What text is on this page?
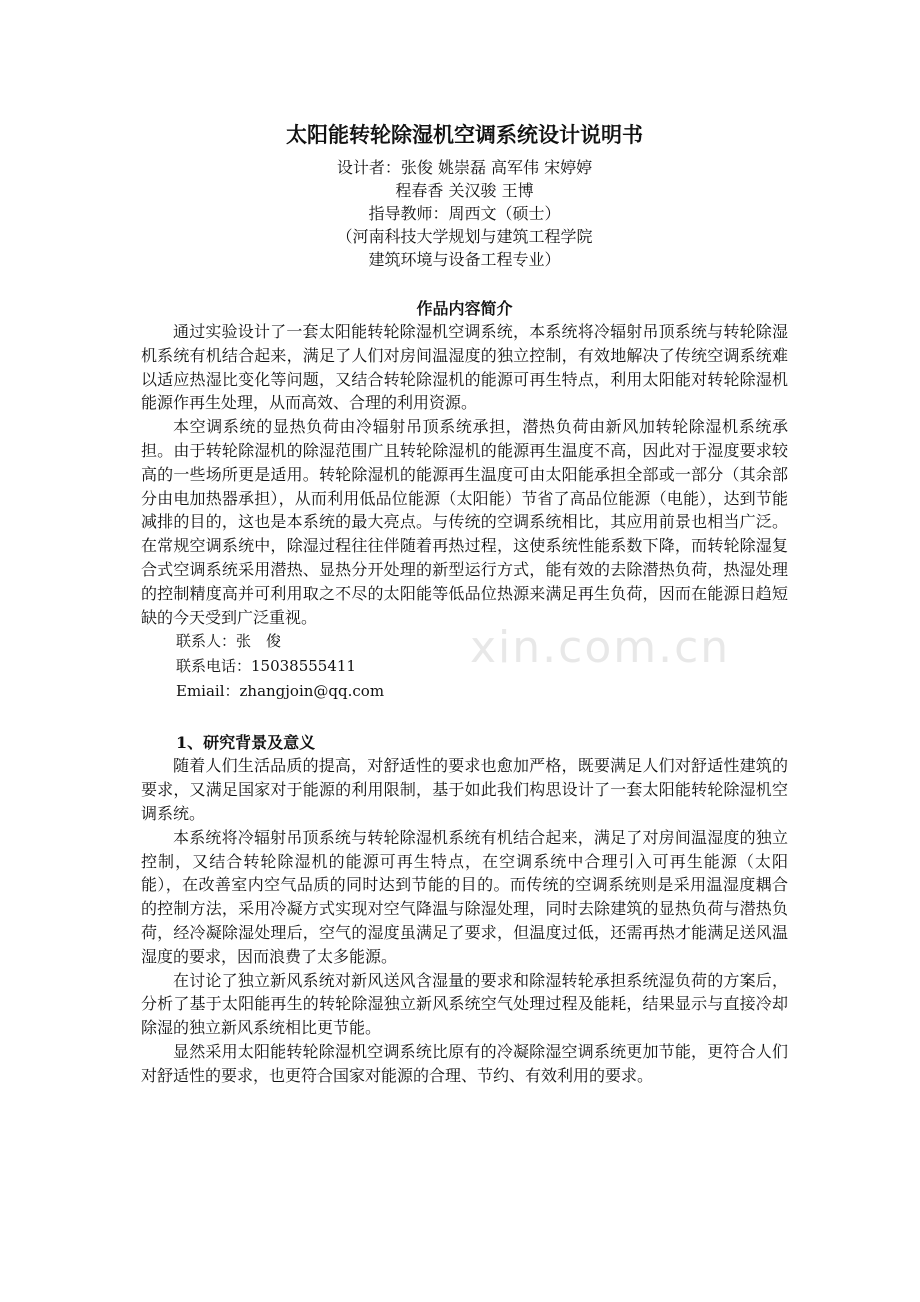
xin.com.cn
太阳能转轮除湿机空调系统设计说明书
设计者：张俊 姚崇磊 高军伟 宋婷婷
程春香 关汉骏 王博
指导教师：周西文（硕士）
（河南科技大学规划与建筑工程学院
建筑环境与设备工程专业）
作品内容简介

通过实验设计了一套太阳能转轮除湿机空调系统，本系统将冷辐射吊顶系统与转轮除湿机系统有机结合起来，满足了人们对房间温湿度的独立控制，有效地解决了传统空调系统难以适应热湿比变化等问题，又结合转轮除湿机的能源可再生特点，利用太阳能对转轮除湿机能源作再生处理，从而高效、合理的利用资源。

本空调系统的显热负荷由冷辐射吊顶系统承担，潜热负荷由新风加转轮除湿机系统承担。由于转轮除湿机的除湿范围广且转轮除湿机的能源再生温度不高，因此对于湿度要求较高的一些场所更是适用。转轮除湿机的能源再生温度可由太阳能承担全部或一部分（其余部分由电加热器承担），从而利用低品位能源（太阳能）节省了高品位能源（电能），达到节能减排的目的，这也是本系统的最大亮点。与传统的空调系统相比，其应用前景也相当广泛。在常规空调系统中，除湿过程往往伴随着再热过程，这使系统性能系数下降，而转轮除湿复合式空调系统采用潜热、显热分开处理的新型运行方式，能有效的去除潜热负荷，热湿处理的控制精度高并可利用取之不尽的太阳能等低品位热源来满足再生负荷，因而在能源日趋短缺的今天受到广泛重视。

联系人：张　俊
联系电话：15038555411
Emiail：zhangjoin@qq.com
1、研究背景及意义

随着人们生活品质的提高，对舒适性的要求也愈加严格，既要满足人们对舒适性建筑的要求，又满足国家对于能源的利用限制，基于如此我们构思设计了一套太阳能转轮除湿机空调系统。

本系统将冷辐射吊顶系统与转轮除湿机系统有机结合起来，满足了对房间温湿度的独立控制，又结合转轮除湿机的能源可再生特点，在空调系统中合理引入可再生能源（太阳能），在改善室内空气品质的同时达到节能的目的。而传统的空调系统则是采用温湿度耦合的控制方法，采用冷凝方式实现对空气降温与除湿处理，同时去除建筑的显热负荷与潜热负荷，经冷凝除湿处理后，空气的湿度虽满足了要求，但温度过低，还需再热才能满足送风温湿度的要求，因而浪费了太多能源。

在讨论了独立新风系统对新风送风含湿量的要求和除湿转轮承担系统湿负荷的方案后，分析了基于太阳能再生的转轮除湿独立新风系统空气处理过程及能耗，结果显示与直接冷却除湿的独立新风系统相比更节能。

显然采用太阳能转轮除湿机空调系统比原有的冷凝除湿空调系统更加节能，更符合人们对舒适性的要求，也更符合国家对能源的合理、节约、有效利用的要求。
